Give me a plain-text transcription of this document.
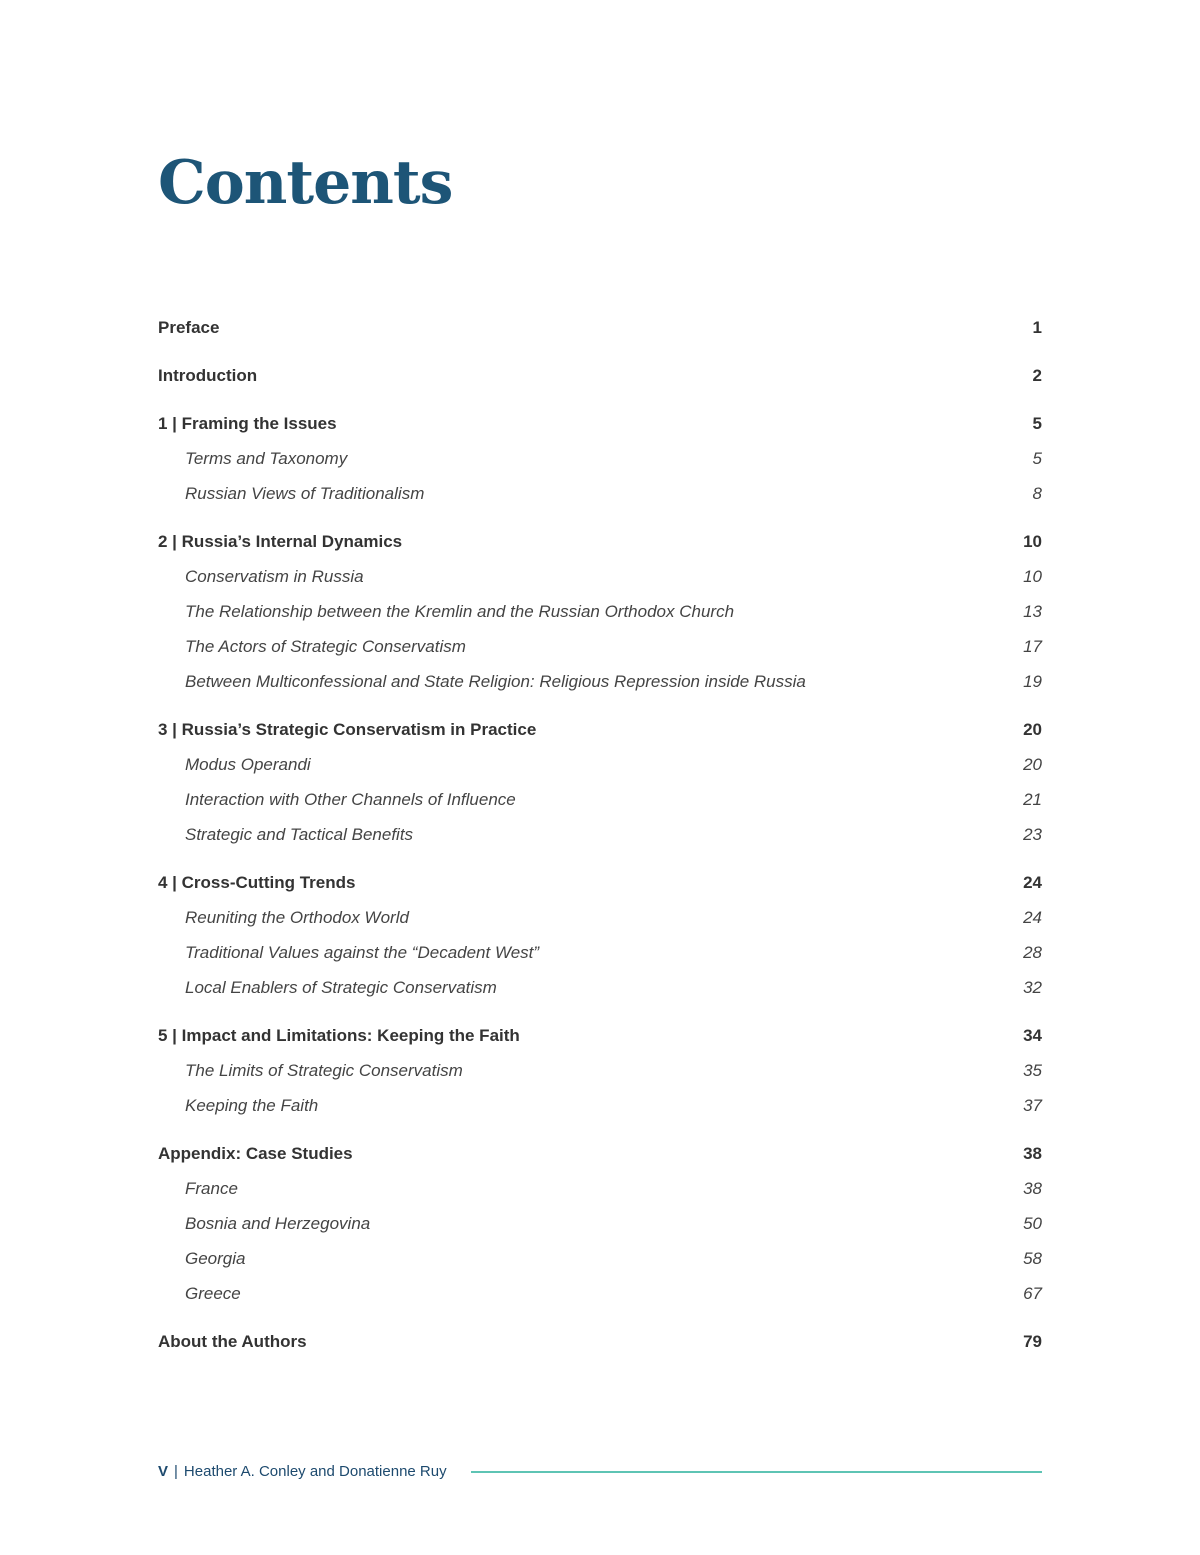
Contents
Preface	1
Introduction	2
1 | Framing the Issues	5
Terms and Taxonomy	5
Russian Views of Traditionalism	8
2 | Russia’s Internal Dynamics	10
Conservatism in Russia	10
The Relationship between the Kremlin and the Russian Orthodox Church	13
The Actors of Strategic Conservatism	17
Between Multiconfessional and State Religion: Religious Repression inside Russia	19
3 | Russia’s Strategic Conservatism in Practice	20
Modus Operandi	20
Interaction with Other Channels of Influence	21
Strategic and Tactical Benefits	23
4 | Cross-Cutting Trends	24
Reuniting the Orthodox World	24
Traditional Values against the “Decadent West”	28
Local Enablers of Strategic Conservatism	32
5 | Impact and Limitations: Keeping the Faith	34
The Limits of Strategic Conservatism	35
Keeping the Faith	37
Appendix: Case Studies	38
France	38
Bosnia and Herzegovina	50
Georgia	58
Greece	67
About the Authors	79
V | Heather A. Conley and Donatienne Ruy
